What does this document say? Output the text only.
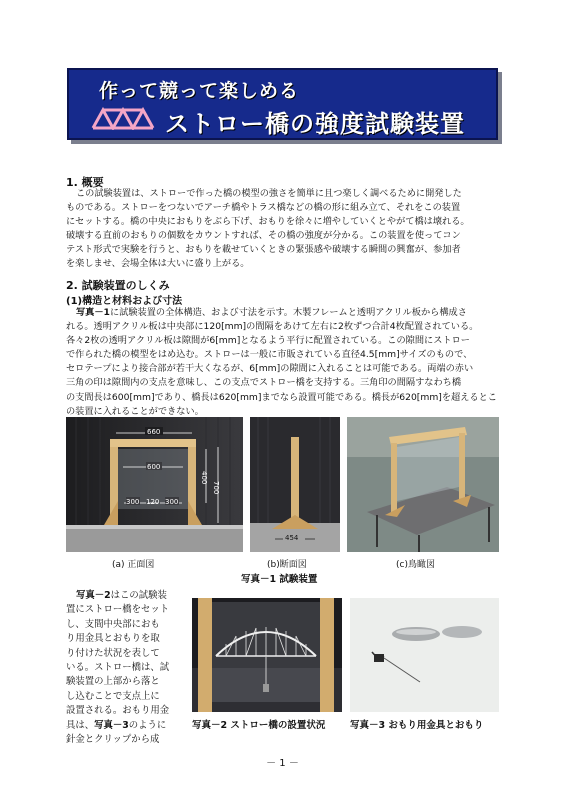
作って競って楽しめる
ストロー橋の強度試験装置
1. 概要
この試験装置は、ストローで作った橋の模型の強さを簡単に且つ楽しく調べるために開発した
ものである。ストローをつないでアーチ橋やトラス橋などの橋の形に組み立て、それをこの装置
にセットする。橋の中央におもりをぶら下げ、おもりを徐々に増やしていくとやがて橋は壊れる。
破壊する直前のおもりの個数をカウントすれば、その橋の強度が分かる。この装置を使ってコン
テスト形式で実験を行うと、おもりを載せていくときの緊張感や破壊する瞬間の興奮が、参加者
を楽しませ、会場全体は大いに盛り上がる。
2. 試験装置のしくみ
(1)構造と材料および寸法
写真－1に試験装置の全体構造、および寸法を示す。木製フレームと透明アクリル板から構成さ
れる。透明アクリル板は中央部に120[mm]の間隔をあけて左右に2枚ずつ合計4枚配置されている。
各々2枚の透明アクリル板は隙間が6[mm]となるよう平行に配置されている。この隙間にストロー
で作られた橋の模型をはめ込む。ストローは一般に市販されている直径4.5[mm]サイズのもので、
セロテープにより接合部が若干大くなるが、6[mm]の隙間に入れることは可能である。両端の赤い
三角の印は隙間内の支点を意味し、この支点でストロー橋を支持する。三角印の間隔すなわち橋
の支間長は600[mm]であり、橋長は620[mm]までなら設置可能である。橋長が620[mm]を超えるとこ
の装置に入れることができない。
660
600
400
700
300 120 300
454
(a) 正面図	(b)断面図	(c)鳥瞰図
写真－1 試験装置
写真－2はこの試験装
置にストロー橋をセット
し、支間中央部におも
り用金具とおもりを取
り付けた状況を表して
いる。ストロー橋は、試
験装置の上部から落と
し込むことで支点上に
設置される。おもり用金
具は、写真－3のように
針金とクリップから成
写真－2 ストロー橋の設置状況	写真－3 おもり用金具とおもり
－ 1 －
